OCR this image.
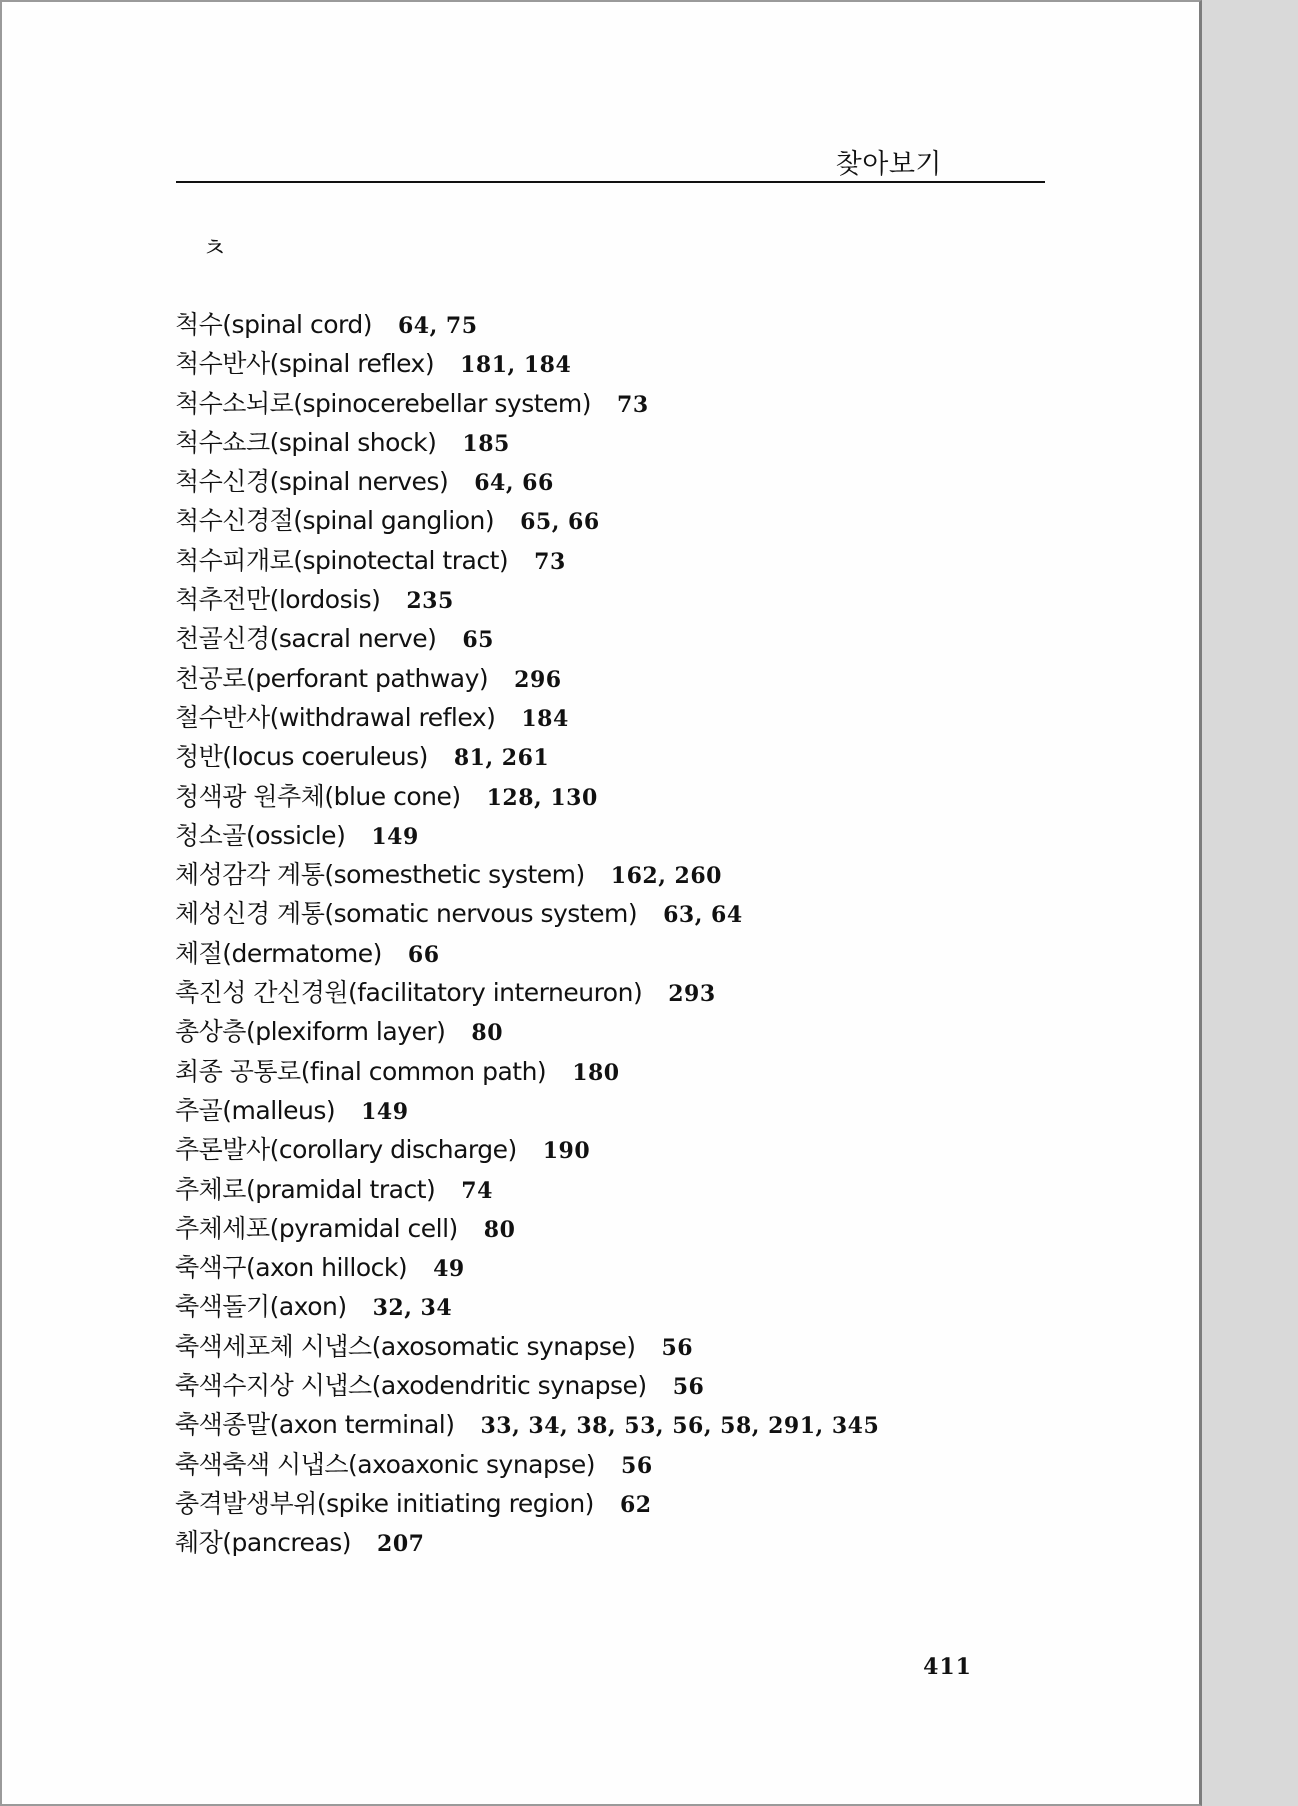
찾아보기
ㅊ
척수(spinal cord) 64, 75
척수반사(spinal reflex) 181, 184
척수소뇌로(spinocerebellar system) 73
척수쇼크(spinal shock) 185
척수신경(spinal nerves) 64, 66
척수신경절(spinal ganglion) 65, 66
척수피개로(spinotectal tract) 73
척추전만(lordosis) 235
천골신경(sacral nerve) 65
천공로(perforant pathway) 296
철수반사(withdrawal reflex) 184
청반(locus coeruleus) 81, 261
청색광 원추체(blue cone) 128, 130
청소골(ossicle) 149
체성감각 계통(somesthetic system) 162, 260
체성신경 계통(somatic nervous system) 63, 64
체절(dermatome) 66
촉진성 간신경원(facilitatory interneuron) 293
총상층(plexiform layer) 80
최종 공통로(final common path) 180
추골(malleus) 149
추론발사(corollary discharge) 190
추체로(pramidal tract) 74
추체세포(pyramidal cell) 80
축색구(axon hillock) 49
축색돌기(axon) 32, 34
축색세포체 시냅스(axosomatic synapse) 56
축색수지상 시냅스(axodendritic synapse) 56
축색종말(axon terminal) 33, 34, 38, 53, 56, 58, 291, 345
축색축색 시냅스(axoaxonic synapse) 56
충격발생부위(spike initiating region) 62
췌장(pancreas) 207
411
